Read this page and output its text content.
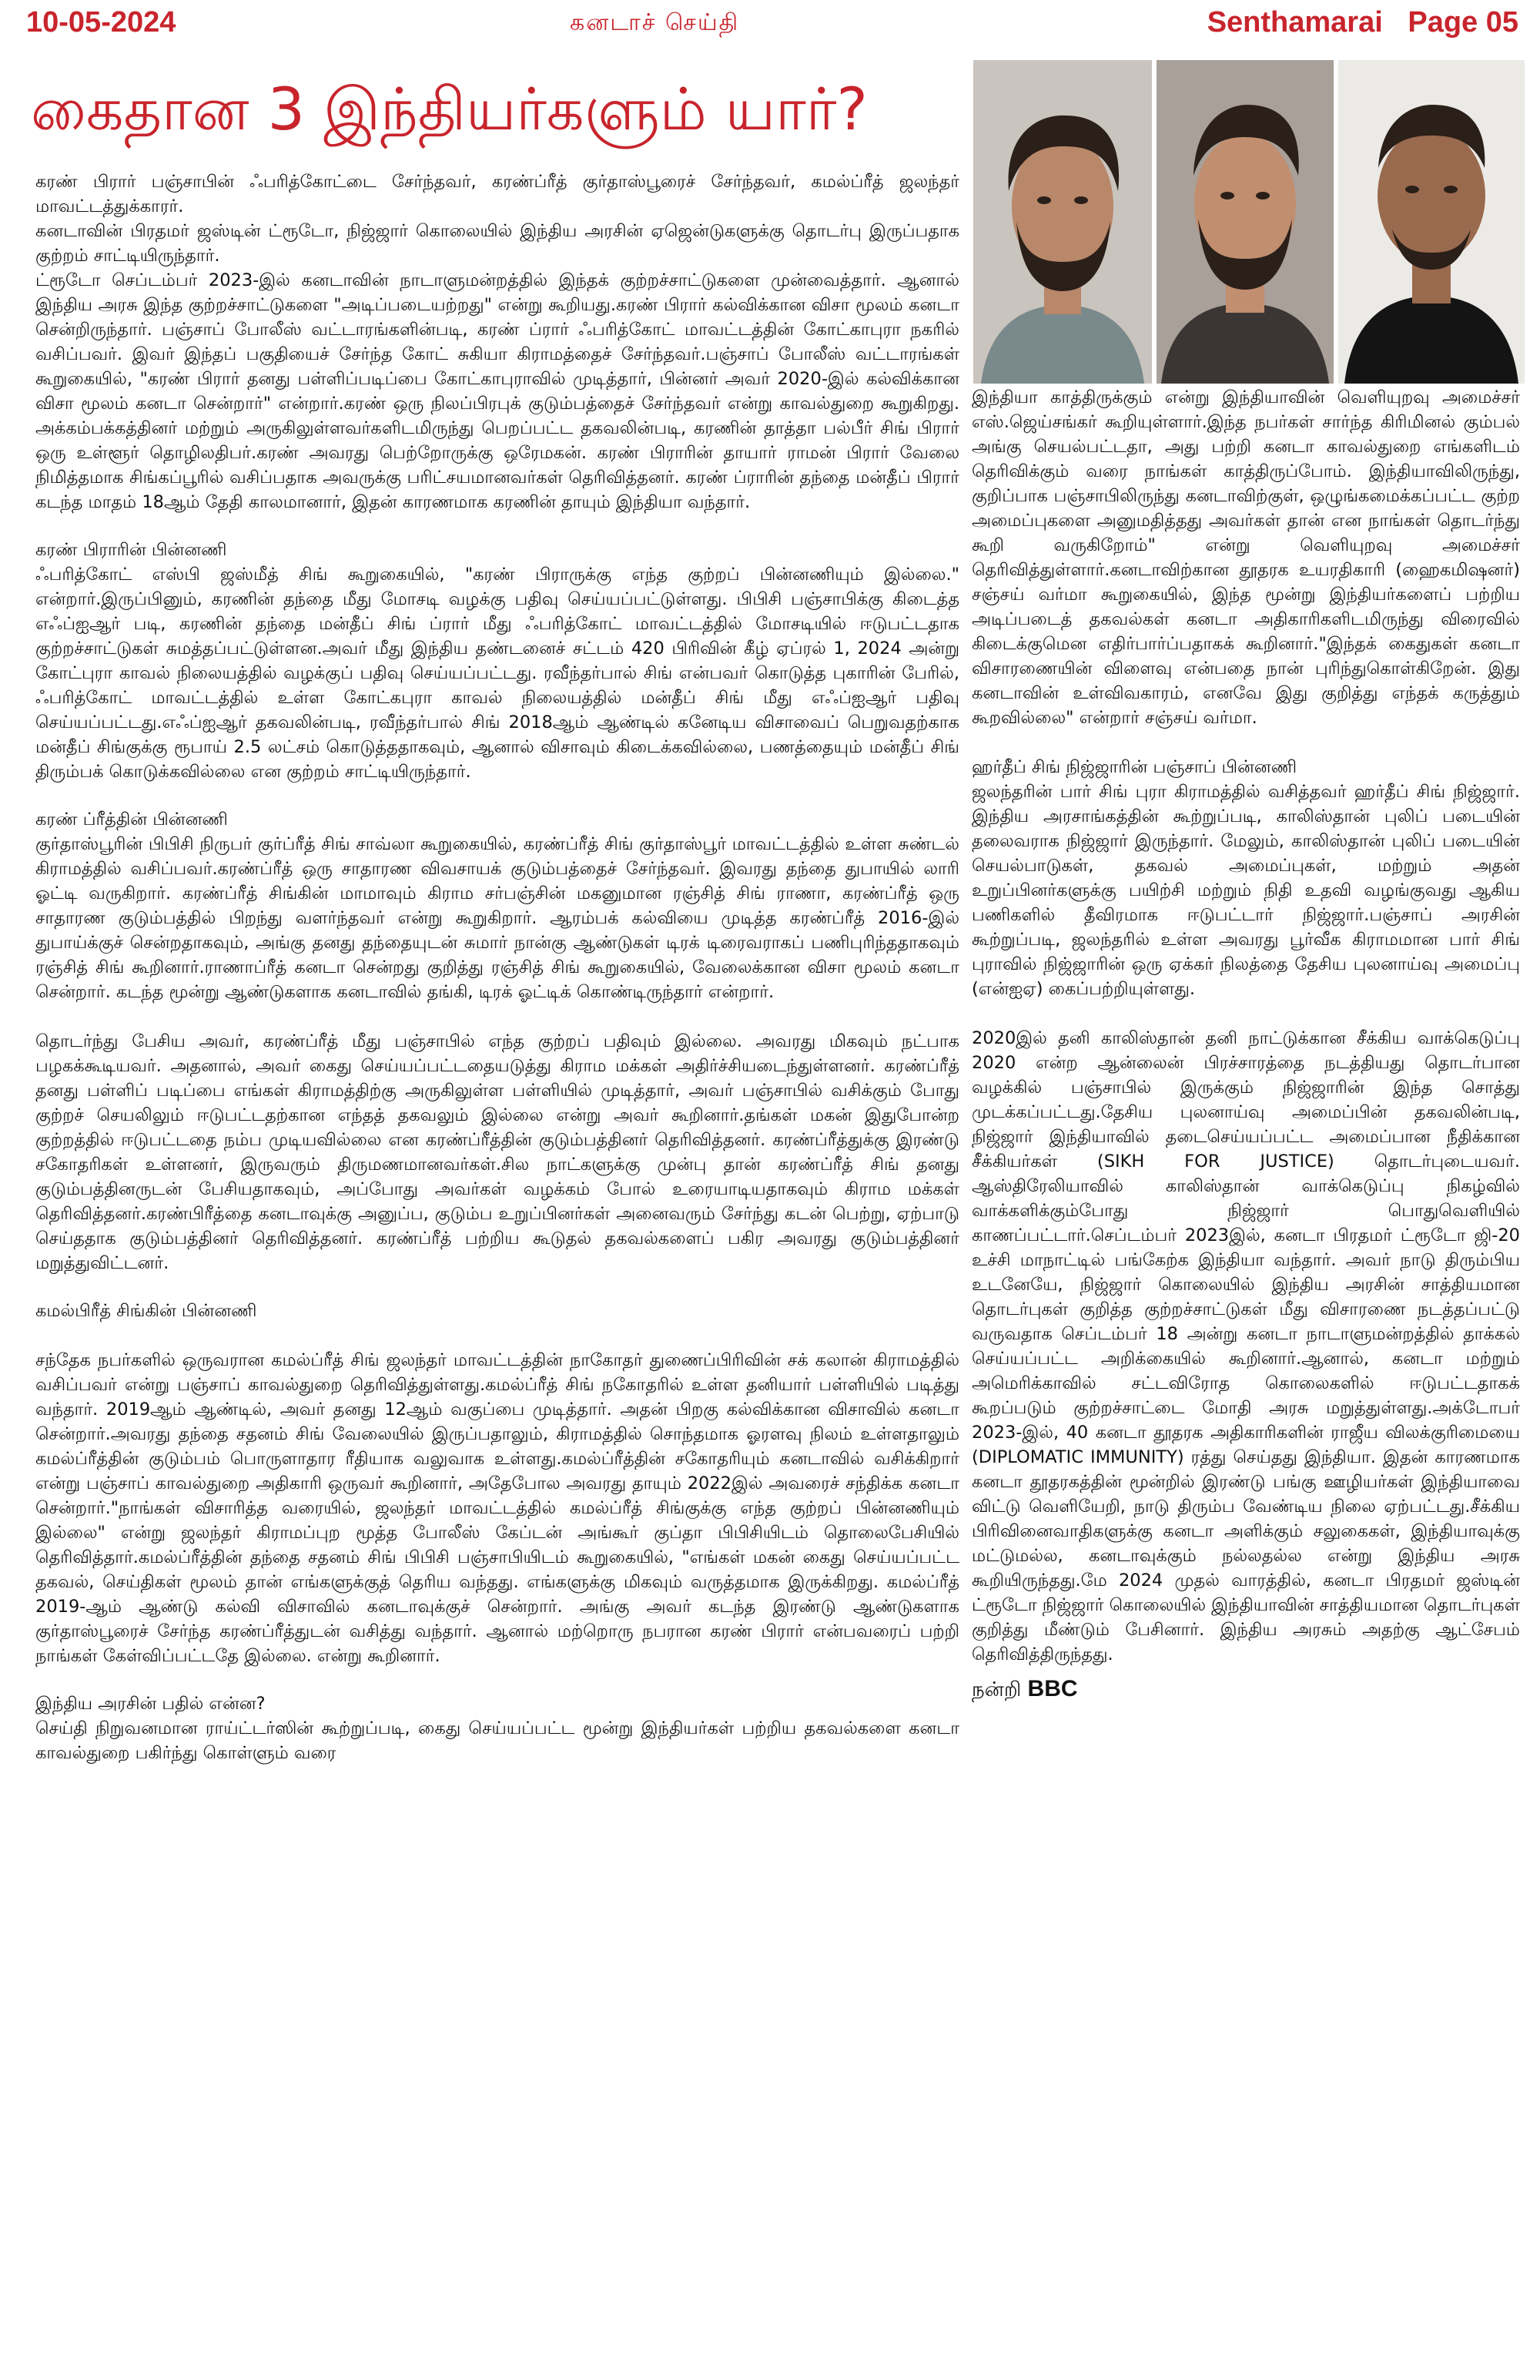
10-05-2024	கனடாச் செய்தி	Senthamarai Page 05
கைதான 3 இந்தியர்களும் யார்?

கரண் பிரார் பஞ்சாபின் ஃபரித்கோட்டை சேர்ந்தவர், கரண்ப்ரீத் குர்தாஸ்பூரைச் சேர்ந்தவர், கமல்ப்ரீத் ஜலந்தர் மாவட்டத்துக்காரர்.

கனடாவின் பிரதமர் ஜஸ்டின் ட்ரூடோ, நிஜ்ஜார் கொலையில் இந்திய அரசின் ஏஜென்டுகளுக்கு தொடர்பு இருப்பதாக குற்றம் சாட்டியிருந்தார்.

ட்ரூடோ செப்டம்பர் 2023-இல் கனடாவின் நாடாளுமன்றத்தில் இந்தக் குற்றச்சாட்டுகளை முன்வைத்தார். ஆனால் இந்திய அரசு இந்த குற்றச்சாட்டுகளை "அடிப்படையற்றது" என்று கூறியது.கரண் பிரார் கல்விக்கான விசா மூலம் கனடா சென்றிருந்தார். பஞ்சாப் போலீஸ் வட்டாரங்களின்படி, கரண் ப்ரார் ஃபரித்கோட் மாவட்டத்தின் கோட்காபுரா நகரில் வசிப்பவர். இவர் இந்தப் பகுதியைச் சேர்ந்த கோட் சுகியா கிராமத்தைச் சேர்ந்தவர்.பஞ்சாப் போலீஸ் வட்டாரங்கள் கூறுகையில், "கரண் பிரார் தனது பள்ளிப்படிப்பை கோட்காபுராவில் முடித்தார், பின்னர் அவர் 2020-இல் கல்விக்கான விசா மூலம் கனடா சென்றார்" என்றார்.கரண் ஒரு நிலப்பிரபுக் குடும்பத்தைச் சேர்ந்தவர் என்று காவல்துறை கூறுகிறது. அக்கம்பக்கத்தினர் மற்றும் அருகிலுள்ளவர்களிடமிருந்து பெறப்பட்ட தகவலின்படி, கரணின் தாத்தா பல்பீர் சிங் பிரார் ஒரு உள்ளூர் தொழிலதிபர்.கரண் அவரது பெற்றோருக்கு ஒரேமகன். கரண் பிராரின் தாயார் ராமன் பிரார் வேலை நிமித்தமாக சிங்கப்பூரில் வசிப்பதாக அவருக்கு பரிட்சயமானவர்கள் தெரிவித்தனர். கரண் ப்ராரின் தந்தை மன்தீப் பிரார் கடந்த மாதம் 18ஆம் தேதி காலமானார், இதன் காரணமாக கரணின் தாயும் இந்தியா வந்தார்.

கரண் பிராரின் பின்னணி

ஃபரித்கோட் எஸ்பி ஜஸ்மீத் சிங் கூறுகையில், "கரண் பிராருக்கு எந்த குற்றப் பின்னணியும் இல்லை." என்றார்.இருப்பினும், கரணின் தந்தை மீது மோசடி வழக்கு பதிவு செய்யப்பட்டுள்ளது. பிபிசி பஞ்சாபிக்கு கிடைத்த எஃப்ஐஆர் படி, கரணின் தந்தை மன்தீப் சிங் ப்ரார் மீது ஃபரித்கோட் மாவட்டத்தில் மோசடியில் ஈடுபட்டதாக குற்றச்சாட்டுகள் சுமத்தப்பட்டுள்ளன.அவர் மீது இந்திய தண்டனைச் சட்டம் 420 பிரிவின் கீழ் ஏப்ரல் 1, 2024 அன்று கோட்புரா காவல் நிலையத்தில் வழக்குப் பதிவு செய்யப்பட்டது. ரவீந்தர்பால் சிங் என்பவர் கொடுத்த புகாரின் பேரில், ஃபரித்கோட் மாவட்டத்தில் உள்ள கோட்கபுரா காவல் நிலையத்தில் மன்தீப் சிங் மீது எஃப்ஐஆர் பதிவு செய்யப்பட்டது.எஃப்ஐஆர் தகவலின்படி, ரவீந்தர்பால் சிங் 2018ஆம் ஆண்டில் கனேடிய விசாவைப் பெறுவதற்காக மன்தீப் சிங்குக்கு ரூபாய் 2.5 லட்சம் கொடுத்ததாகவும், ஆனால் விசாவும் கிடைக்கவில்லை, பணத்தையும் மன்தீப் சிங் திரும்பக் கொடுக்கவில்லை என குற்றம் சாட்டியிருந்தார்.

கரண் ப்ரீத்தின் பின்னணி

குர்தாஸ்பூரின் பிபிசி நிருபர் குர்ப்ரீத் சிங் சாவ்லா கூறுகையில், கரண்ப்ரீத் சிங் குர்தாஸ்பூர் மாவட்டத்தில் உள்ள சுண்டல் கிராமத்தில் வசிப்பவர்.கரண்ப்ரீத் ஒரு சாதாரண விவசாயக் குடும்பத்தைச் சேர்ந்தவர். இவரது தந்தை துபாயில் லாரி ஓட்டி வருகிறார். கரண்ப்ரீத் சிங்கின் மாமாவும் கிராம சர்பஞ்சின் மகனுமான ரஞ்சித் சிங் ராணா, கரண்ப்ரீத் ஒரு சாதாரண குடும்பத்தில் பிறந்து வளர்ந்தவர் என்று கூறுகிறார். ஆரம்பக் கல்வியை முடித்த கரண்ப்ரீத் 2016-இல் துபாய்க்குச் சென்றதாகவும், அங்கு தனது தந்தையுடன் சுமார் நான்கு ஆண்டுகள் டிரக் டிரைவராகப் பணிபுரிந்ததாகவும் ரஞ்சித் சிங் கூறினார்.ராணாப்ரீத் கனடா சென்றது குறித்து ரஞ்சித் சிங் கூறுகையில், வேலைக்கான விசா மூலம் கனடா சென்றார். கடந்த மூன்று ஆண்டுகளாக கனடாவில் தங்கி, டிரக் ஓட்டிக் கொண்டிருந்தார் என்றார்.

தொடர்ந்து பேசிய அவர், கரண்ப்ரீத் மீது பஞ்சாபில் எந்த குற்றப் பதிவும் இல்லை. அவரது மிகவும் நட்பாக பழகக்கூடியவர். அதனால், அவர் கைது செய்யப்பட்டதையடுத்து கிராம மக்கள் அதிர்ச்சியடைந்துள்ளனர். கரண்ப்ரீத் தனது பள்ளிப் படிப்பை எங்கள் கிராமத்திற்கு அருகிலுள்ள பள்ளியில் முடித்தார், அவர் பஞ்சாபில் வசிக்கும் போது குற்றச் செயலிலும் ஈடுபட்டதற்கான எந்தத் தகவலும் இல்லை என்று அவர் கூறினார்.தங்கள் மகன் இதுபோன்ற குற்றத்தில் ஈடுபட்டதை நம்ப முடியவில்லை என கரண்ப்ரீத்தின் குடும்பத்தினர் தெரிவித்தனர். கரண்ப்ரீத்துக்கு இரண்டு சகோதரிகள் உள்ளனர், இருவரும் திருமணமானவர்கள்.சில நாட்களுக்கு முன்பு தான் கரண்ப்ரீத் சிங் தனது குடும்பத்தினருடன் பேசியதாகவும், அப்போது அவர்கள் வழக்கம் போல் உரையாடியதாகவும் கிராம மக்கள் தெரிவித்தனர்.கரண்பிரீத்தை கனடாவுக்கு அனுப்ப, குடும்ப உறுப்பினர்கள் அனைவரும் சேர்ந்து கடன் பெற்று, ஏற்பாடு செய்ததாக குடும்பத்தினர் தெரிவித்தனர். கரண்ப்ரீத் பற்றிய கூடுதல் தகவல்களைப் பகிர அவரது குடும்பத்தினர் மறுத்துவிட்டனர்.

கமல்பிரீத் சிங்கின் பின்னணி

சந்தேக நபர்களில் ஒருவரான கமல்ப்ரீத் சிங் ஜலந்தர் மாவட்டத்தின் நாகோதர் துணைப்பிரிவின் சக் கலான் கிராமத்தில் வசிப்பவர் என்று பஞ்சாப் காவல்துறை தெரிவித்துள்ளது.கமல்ப்ரீத் சிங் நகோதரில் உள்ள தனியார் பள்ளியில் படித்து வந்தார். 2019ஆம் ஆண்டில், அவர் தனது 12ஆம் வகுப்பை முடித்தார். அதன் பிறகு கல்விக்கான விசாவில் கனடா சென்றார்.அவரது தந்தை சதனம் சிங் வேலையில் இருப்பதாலும், கிராமத்தில் சொந்தமாக ஓரளவு நிலம் உள்ளதாலும் கமல்ப்ரீத்தின் குடும்பம் பொருளாதார ரீதியாக வலுவாக உள்ளது.கமல்ப்ரீத்தின் சகோதரியும் கனடாவில் வசிக்கிறார் என்று பஞ்சாப் காவல்துறை அதிகாரி ஒருவர் கூறினார், அதேபோல அவரது தாயும் 2022இல் அவரைச் சந்திக்க கனடா சென்றார்."நாங்கள் விசாரித்த வரையில், ஜலந்தர் மாவட்டத்தில் கமல்ப்ரீத் சிங்குக்கு எந்த குற்றப் பின்னணியும் இல்லை" என்று ஜலந்தர் கிராமப்புற மூத்த போலீஸ் கேப்டன் அங்கூர் குப்தா பிபிசியிடம் தொலைபேசியில் தெரிவித்தார்.கமல்ப்ரீத்தின் தந்தை சதனம் சிங் பிபிசி பஞ்சாபியிடம் கூறுகையில், "எங்கள் மகன் கைது செய்யப்பட்ட தகவல், செய்திகள் மூலம் தான் எங்களுக்குத் தெரிய வந்தது. எங்களுக்கு மிகவும் வருத்தமாக இருக்கிறது. கமல்ப்ரீத் 2019-ஆம் ஆண்டு கல்வி விசாவில் கனடாவுக்குச் சென்றார். அங்கு அவர் கடந்த இரண்டு ஆண்டுகளாக குர்தாஸ்பூரைச் சேர்ந்த கரண்ப்ரீத்துடன் வசித்து வந்தார். ஆனால் மற்றொரு நபரான கரண் பிரார் என்பவரைப் பற்றி நாங்கள் கேள்விப்பட்டதே இல்லை. என்று கூறினார்.

இந்திய அரசின் பதில் என்ன?

செய்தி நிறுவனமான ராய்ட்டர்ஸின் கூற்றுப்படி, கைது செய்யப்பட்ட மூன்று இந்தியர்கள் பற்றிய தகவல்களை கனடா காவல்துறை பகிர்ந்து கொள்ளும் வரை

இந்தியா காத்திருக்கும் என்று இந்தியாவின் வெளியுறவு அமைச்சர் எஸ்.ஜெய்சங்கர் கூறியுள்ளார்.இந்த நபர்கள் சார்ந்த கிரிமினல் கும்பல் அங்கு செயல்பட்டதா, அது பற்றி கனடா காவல்துறை எங்களிடம் தெரிவிக்கும் வரை நாங்கள் காத்திருப்போம். இந்தியாவிலிருந்து, குறிப்பாக பஞ்சாபிலிருந்து கனடாவிற்குள், ஒழுங்கமைக்கப்பட்ட குற்ற அமைப்புகளை அனுமதித்தது அவர்கள் தான் என நாங்கள் தொடர்ந்து கூறி வருகிறோம்" என்று வெளியுறவு அமைச்சர் தெரிவித்துள்ளார்.கனடாவிற்கான தூதரக உயரதிகாரி (ஹைகமிஷனர்) சஞ்சய் வர்மா கூறுகையில், இந்த மூன்று இந்தியர்களைப் பற்றிய அடிப்படைத் தகவல்கள் கனடா அதிகாரிகளிடமிருந்து விரைவில் கிடைக்குமென எதிர்பார்ப்பதாகக் கூறினார்."இந்தக் கைதுகள் கனடா விசாரணையின் விளைவு என்பதை நான் புரிந்துகொள்கிறேன். இது கனடாவின் உள்விவகாரம், எனவே இது குறித்து எந்தக் கருத்தும் கூறவில்லை" என்றார் சஞ்சய் வர்மா.

ஹர்தீப் சிங் நிஜ்ஜாரின் பஞ்சாப் பின்னணி

ஜலந்தரின் பார் சிங் புரா கிராமத்தில் வசித்தவர் ஹர்தீப் சிங் நிஜ்ஜார். இந்திய அரசாங்கத்தின் கூற்றுப்படி, காலிஸ்தான் புலிப் படையின் தலைவராக நிஜ்ஜார் இருந்தார். மேலும், காலிஸ்தான் புலிப் படையின் செயல்பாடுகள், தகவல் அமைப்புகள், மற்றும் அதன் உறுப்பினர்களுக்கு பயிற்சி மற்றும் நிதி உதவி வழங்குவது ஆகிய பணிகளில் தீவிரமாக ஈடுபட்டார் நிஜ்ஜார்.பஞ்சாப் அரசின் கூற்றுப்படி, ஜலந்தரில் உள்ள அவரது பூர்வீக கிராமமான பார் சிங் புராவில் நிஜ்ஜாரின் ஒரு ஏக்கர் நிலத்தை தேசிய புலனாய்வு அமைப்பு (என்ஐஏ) கைப்பற்றியுள்ளது.

2020இல் தனி காலிஸ்தான் தனி நாட்டுக்கான சீக்கிய வாக்கெடுப்பு 2020 என்ற ஆன்லைன் பிரச்சாரத்தை நடத்தியது தொடர்பான வழக்கில் பஞ்சாபில் இருக்கும் நிஜ்ஜாரின் இந்த சொத்து முடக்கப்பட்டது.தேசிய புலனாய்வு அமைப்பின் தகவலின்படி, நிஜ்ஜார் இந்தியாவில் தடைசெய்யப்பட்ட அமைப்பான நீதிக்கான சீக்கியர்கள் (SIKH FOR JUSTICE) தொடர்புடையவர். ஆஸ்திரேலியாவில் காலிஸ்தான் வாக்கெடுப்பு நிகழ்வில் வாக்களிக்கும்போது நிஜ்ஜார் பொதுவெளியில் காணப்பட்டார்.செப்டம்பர் 2023இல், கனடா பிரதமர் ட்ரூடோ ஜி-20 உச்சி மாநாட்டில் பங்கேற்க இந்தியா வந்தார். அவர் நாடு திரும்பிய உடனேயே, நிஜ்ஜார் கொலையில் இந்திய அரசின் சாத்தியமான தொடர்புகள் குறித்த குற்றச்சாட்டுகள் மீது விசாரணை நடத்தப்பட்டு வருவதாக செப்டம்பர் 18 அன்று கனடா நாடாளுமன்றத்தில் தாக்கல் செய்யப்பட்ட அறிக்கையில் கூறினார்.ஆனால், கனடா மற்றும் அமெரிக்காவில் சட்டவிரோத கொலைகளில் ஈடுபட்டதாகக் கூறப்படும் குற்றச்சாட்டை மோதி அரசு மறுத்துள்ளது.அக்டோபர் 2023-இல், 40 கனடா தூதரக அதிகாரிகளின் ராஜீய விலக்குரிமையை (DIPLOMATIC IMMUNITY) ரத்து செய்தது இந்தியா. இதன் காரணமாக கனடா தூதரகத்தின் மூன்றில் இரண்டு பங்கு ஊழியர்கள் இந்தியாவை விட்டு வெளியேறி, நாடு திரும்ப வேண்டிய நிலை ஏற்பட்டது.சீக்கிய பிரிவினைவாதிகளுக்கு கனடா அளிக்கும் சலுகைகள், இந்தியாவுக்கு மட்டுமல்ல, கனடாவுக்கும் நல்லதல்ல என்று இந்திய அரசு கூறியிருந்தது.மே 2024 முதல் வாரத்தில், கனடா பிரதமர் ஜஸ்டின் ட்ரூடோ நிஜ்ஜார் கொலையில் இந்தியாவின் சாத்தியமான தொடர்புகள் குறித்து மீண்டும் பேசினார். இந்திய அரசும் அதற்கு ஆட்சேபம் தெரிவித்திருந்தது.

நன்றி BBC
